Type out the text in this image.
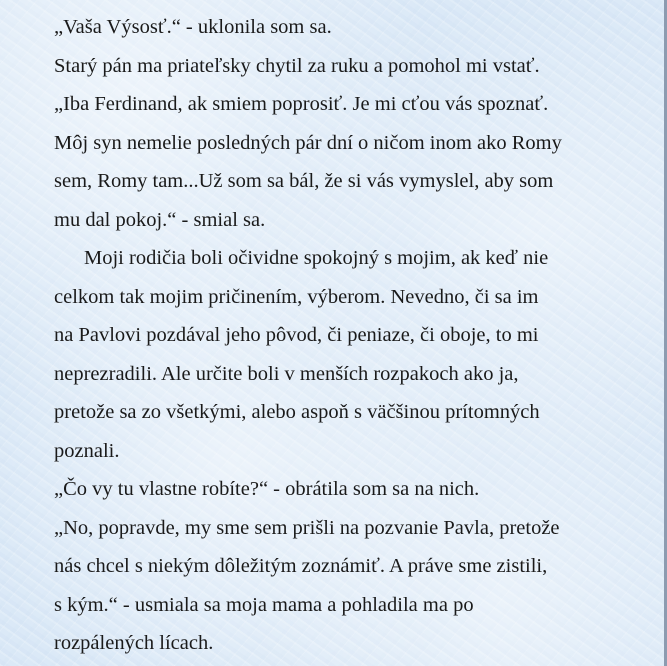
„Vaša Výsosť.“ - uklonila som sa.
Starý pán ma priateľsky chytil za ruku a pomohol mi vstať.
„Iba Ferdinand, ak smiem poprosiť. Je mi cťou vás spoznať.
Môj syn nemelie posledných pár dní o ničom inom ako Romy
sem, Romy tam...Už som sa bál, že si vás vymyslel, aby som
mu dal pokoj.“ - smial sa.
Moji rodičia boli očividne spokojný s mojim, ak keď nie
celkom tak mojim pričinením, výberom. Nevedno, či sa im
na Pavlovi pozdával jeho pôvod, či peniaze, či oboje, to mi
neprezradili. Ale určite boli v menších rozpakoch ako ja,
pretože sa zo všetkými, alebo aspoň s väčšinou prítomných
poznali.
„Čo vy tu vlastne robíte?“ - obrátila som sa na nich.
„No, popravde, my sme sem prišli na pozvanie Pavla, pretože
nás chcel s niekým dôležitým zoznámiť. A práve sme zistili,
s kým.“ - usmiala sa moja mama a pohladila ma po
rozpálených lícach.
